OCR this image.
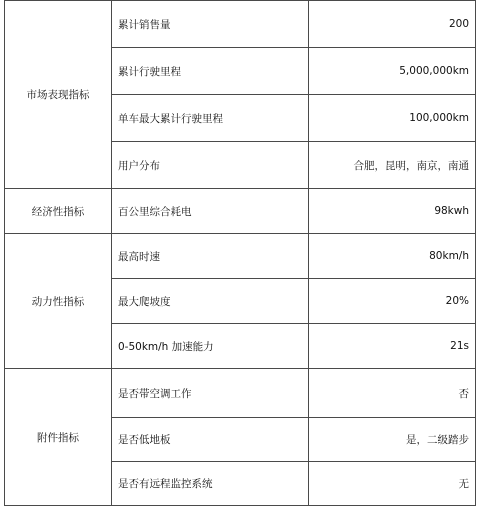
市场表现指标	累计销售量	200
	累计行驶里程	5,000,000km
	单车最大累计行驶里程	100,000km
	用户分布	合肥，昆明，南京，南通
经济性指标	百公里综合耗电	98kwh
动力性指标	最高时速	80km/h
	最大爬坡度	20%
	0-50km/h 加速能力	21s
附件指标	是否带空调工作	否
	是否低地板	是，二级踏步
	是否有远程监控系统	无
